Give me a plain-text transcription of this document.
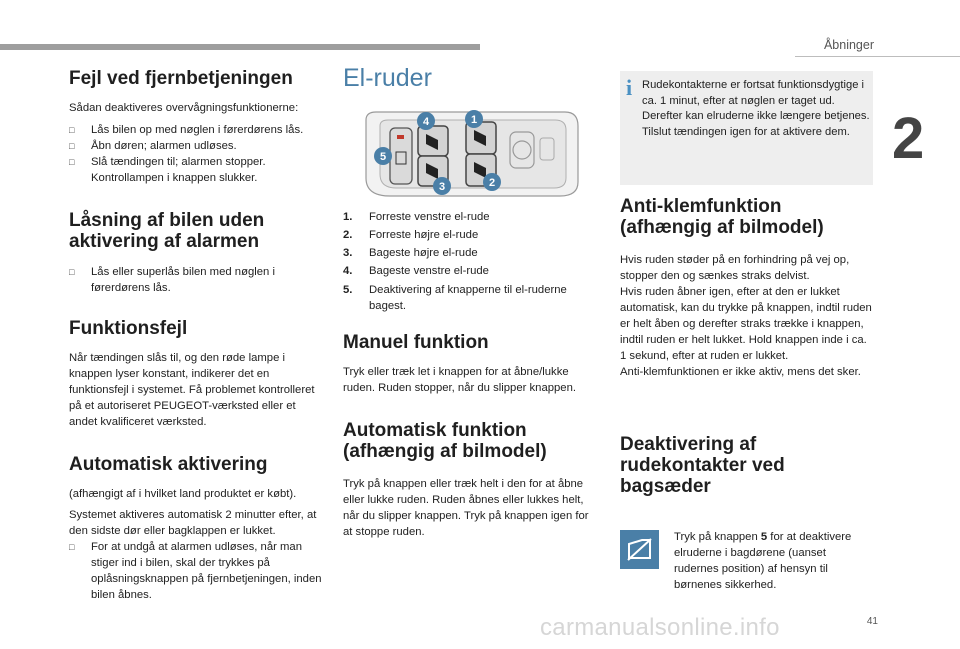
Åbninger
2
41
carmanualsonline.info
Fejl ved fjernbetjeningen

Sådan deaktiveres overvågningsfunktionerne:

□ Lås bilen op med nøglen i førerdørens lås.
□ Åbn døren; alarmen udløses.
□ Slå tændingen til; alarmen stopper. Kontrollampen i knappen slukker.
Låsning af bilen uden
aktivering af alarmen
□ Lås eller superlås bilen med nøglen i førerdørens lås.
Funktionsfejl

Når tændingen slås til, og den røde lampe i knappen lyser konstant, indikerer det en funktionsfejl i systemet. Få problemet kontrolleret på et autoriseret PEUGEOT-værksted eller et andet kvalificeret værksted.

Automatisk aktivering

(afhængigt af i hvilket land produktet er købt).

Systemet aktiveres automatisk 2 minutter efter, at den sidste dør eller bagklappen er lukket.

□ For at undgå at alarmen udløses, når man stiger ind i bilen, skal der trykkes på oplåsningsknappen på fjernbetjeningen, inden bilen åbnes.
El-ruder
4	1
5
3	2
1. Forreste venstre el-rude
2. Forreste højre el-rude
3. Bageste højre el-rude
4. Bageste venstre el-rude
5. Deaktivering af knapperne til el-ruderne bagest.
Manuel funktion

Tryk eller træk let i knappen for at åbne/lukke ruden. Ruden stopper, når du slipper knappen.

Automatisk funktion
(afhængig af bilmodel)

Tryk på knappen eller træk helt i den for at åbne eller lukke ruden. Ruden åbnes eller lukkes helt, når du slipper knappen. Tryk på knappen igen for at stoppe ruden.

i Rudekontakterne er fortsat funktionsdygtige i ca. 1 minut, efter at nøglen er taget ud. Derefter kan elruderne ikke længere betjenes. Tilslut tændingen igen for at aktivere dem.

Anti-klemfunktion
(afhængig af bilmodel)

Hvis ruden støder på en forhindring på vej op, stopper den og sænkes straks delvist.

Hvis ruden åbner igen, efter at den er lukket automatisk, kan du trykke på knappen, indtil ruden er helt åben og derefter straks trække i knappen, indtil ruden er helt lukket. Hold knappen inde i ca. 1 sekund, efter at ruden er lukket.

Anti-klemfunktionen er ikke aktiv, mens det sker.

Deaktivering af
rudekontakter ved
bagsæder

Tryk på knappen 5 for at deaktivere elruderne i bagdørene (uanset rudernes position) af hensyn til børnenes sikkerhed.
